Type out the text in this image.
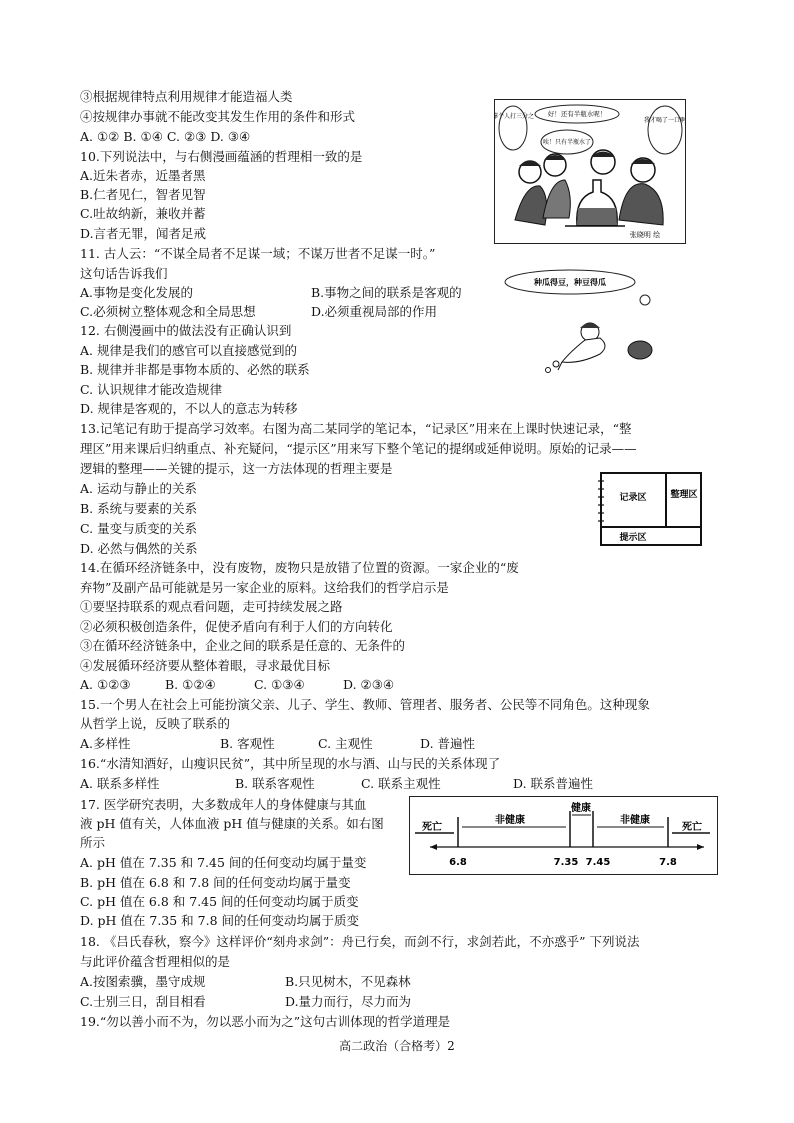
③根据规律特点利用规律才能造福人类
④按规律办事就不能改变其发生作用的条件和形式
A. ①② B. ①④ C. ②③ D. ③④
10.下列说法中，与右侧漫画蕴涵的哲理相一致的是
A.近朱者赤，近墨者黑
B.仁者见仁，智者见智
C.吐故纳新，兼收并蓄
D.言者无罪，闻者足戒
11. 古人云：“不谋全局者不足谋一域；不谋万世者不足谋一时。”
这句话告诉我们
A.事物是变化发展的	B.事物之间的联系是客观的
C.必须树立整体观念和全局思想	D.必须重视局部的作用
12. 右侧漫画中的做法没有正确认识到
A. 规律是我们的感官可以直接感觉到的
B. 规律并非都是事物本质的、必然的联系
C. 认识规律才能改造规律
D. 规律是客观的，不以人的意志为转移
13.记笔记有助于提高学习效率。右图为高二某同学的笔记本，“记录区”用来在上课时快速记录，“整
理区”用来课后归纳重点、补充疑问，“提示区”用来写下整个笔记的提纲或延伸说明。原始的记录——
逻辑的整理——关键的提示，这一方法体现的哲理主要是
A. 运动与静止的关系
B. 系统与要素的关系
C. 量变与质变的关系
D. 必然与偶然的关系
14.在循环经济链条中，没有废物，废物只是放错了位置的资源。一家企业的“废
弃物”及副产品可能就是另一家企业的原料。这给我们的哲学启示是
①要坚持联系的观点看问题，走可持续发展之路
②必须积极创造条件，促使矛盾向有利于人们的方向转化
③在循环经济链条中，企业之间的联系是任意的、无条件的
④发展循环经济要从整体着眼，寻求最优目标
A. ①②③	B. ①②④	C. ①③④	D. ②③④
15.一个男人在社会上可能扮演父亲、儿子、学生、教师、管理者、服务者、公民等不同角色。这种现象
从哲学上说，反映了联系的
A.多样性	B. 客观性	C. 主观性	D. 普遍性
16.“水清知酒好，山瘦识民贫”，其中所呈现的水与酒、山与民的关系体现了
A. 联系多样性	B. 联系客观性	C. 联系主观性	D. 联系普遍性
17. 医学研究表明，大多数成年人的身体健康与其血
液 pH 值有关，人体血液 pH 值与健康的关系。如右图
所示
A. pH 值在 7.35 和 7.45 间的任何变动均属于量变
B. pH 值在 6.8 和 7.8 间的任何变动均属于量变
C. pH 值在 6.8 和 7.45 间的任何变动均属于质变
D. pH 值在 7.35 和 7.8 间的任何变动均属于质变
18. 《吕氏春秋，察今》这样评价“刻舟求剑”：舟已行矣，而剑不行，求剑若此，不亦惑乎” 下列说法
与此评价蕴含哲理相似的是
A.按图索骥，墨守成规	B.只见树木，不见森林
C.士别三日，刮目相看	D.量力而行，尽力而为
19.“勿以善小而不为，勿以恶小而为之”这句古训体现的哲学道理是
高二政治（合格考）2
撑个人打三分之 好！还有半瓶水呢！
唉！只有半瓶水了
我才喝了一口啊
张晓明 绘
种瓜得豆，种豆得瓜
记录区	整理区
提示区
死亡
非健康
健康
非健康
死亡
6.8	7.35 7.45	7.8
